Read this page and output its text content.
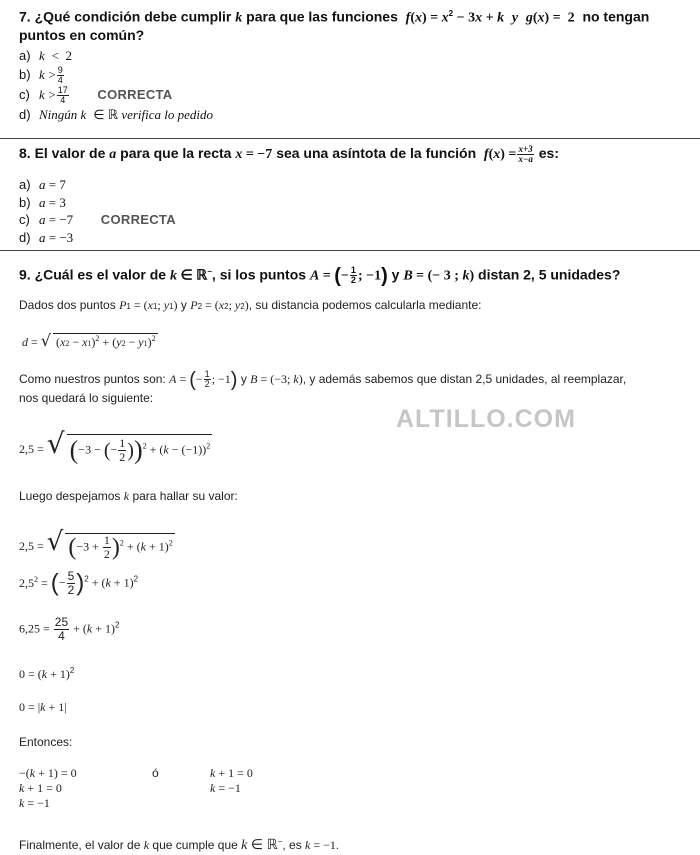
7. ¿Qué condición debe cumplir k para que las funciones $f(x) = x^2 - 3x + k$ y g(x) =  2 no tengan
puntos en común?
a) k  <  2
b) $k > \frac{9}{4}$
c) $k > \frac{17}{4}$ CORRECTA
d) Ningún k  ∈ ℝ verifica lo pedido
8. El valor de a para que la recta x = −7 sea una asíntota de la función $f(x) = \frac{x+3}{x-a}$ es:
a) a = 7
b) a = 3
c) a = −7 CORRECTA
d) a = −3
9. ¿Cuál es el valor de k ∈ ℝ−, si los puntos A = (− $\frac{1}{2}$ ; −1) y B = (− 3 ; k) distan 2, 5 unidades?
Dados dos puntos P1 = (x1; y1) y P2 = (x2; y2), su distancia podemos calcularla mediante:
d = √ $(x2 - x1)^2 + (y2 - y1)^2$
Como nuestros puntos son: A = (− $\frac{1}{2}$ ; −1) y B = (−3; k), y además sabemos que distan 2,5 unidades, al reemplazar,
nos quedará lo siguiente:
ALTILLO.COM
2,5 = √ (−3 − (− $\frac{1}{2} ))^2 + (k - (-1))^2$
Luego despejamos k para hallar su valor:
2,5 = √ $(-3 + \frac{1}{2} )^2 + (k + 1)^2$
$2,5^2$ = (− $\frac{5}{2} )^2 + (k + 1)^2$
$6,25 = \frac{25}{4} + (k + 1)^2$
$0 = (k + 1)^2$
0 = |k + 1|
Entonces:
−(k + 1) = 0
k + 1 = 0
k = −1
ó	k + 1 = 0
k = −1
Finalmente, el valor de k que cumple que k ∈ ℝ−, es k = −1.
